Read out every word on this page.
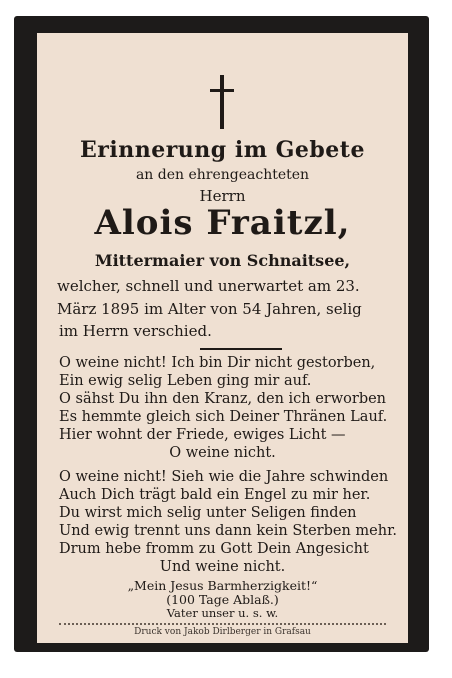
Erinnerung im Gebete
an den ehrengeachteten
Herrn
Alois Fraitzl,
Mittermaier von Schnaitsee,
welcher, schnell und unerwartet am 23.
März 1895 im Alter von 54 Jahren, selig
im Herrn verschied.
O weine nicht! Ich bin Dir nicht gestorben,
Ein ewig selig Leben ging mir auf.
O sähst Du ihn den Kranz, den ich erworben
Es hemmte gleich sich Deiner Thränen Lauf.
Hier wohnt der Friede, ewiges Licht —
O weine nicht.
O weine nicht! Sieh wie die Jahre schwinden
Auch Dich trägt bald ein Engel zu mir her.
Du wirst mich selig unter Seligen finden
Und ewig trennt uns dann kein Sterben mehr.
Drum hebe fromm zu Gott Dein Angesicht
Und weine nicht.
„Mein Jesus Barmherzigkeit!“
(100 Tage Ablaß.)
Vater unser u. s. w.
Druck von Jakob Dirlberger in Grafsau
